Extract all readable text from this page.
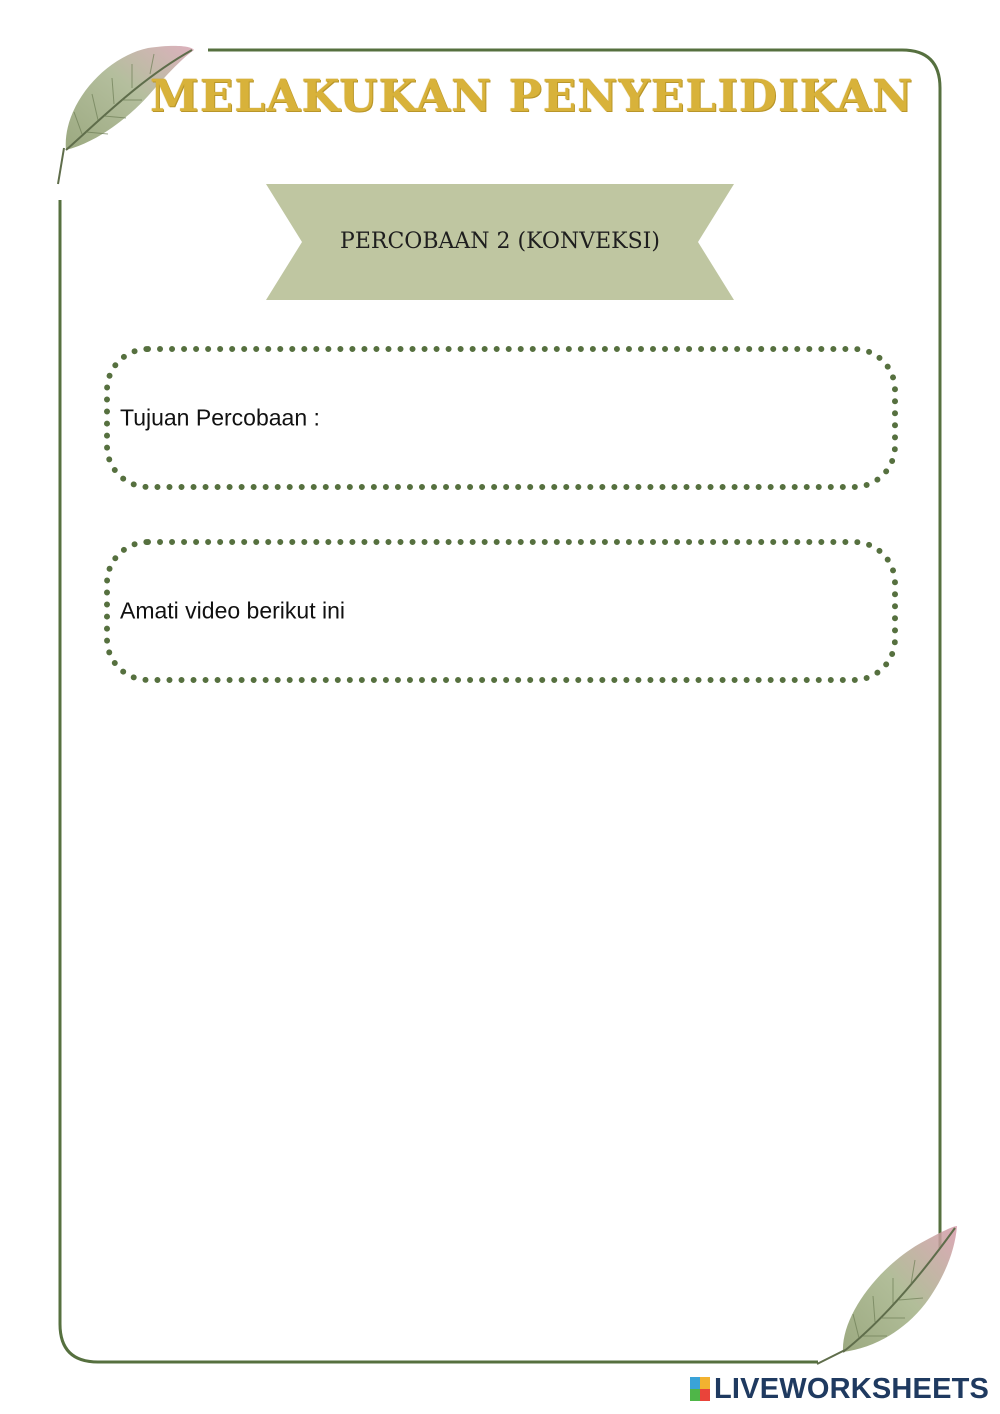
MELAKUKAN PENYELIDIKAN
PERCOBAAN 2 (KONVEKSI)
Tujuan Percobaan :
Amati video berikut ini
LIVEWORKSHEETS
